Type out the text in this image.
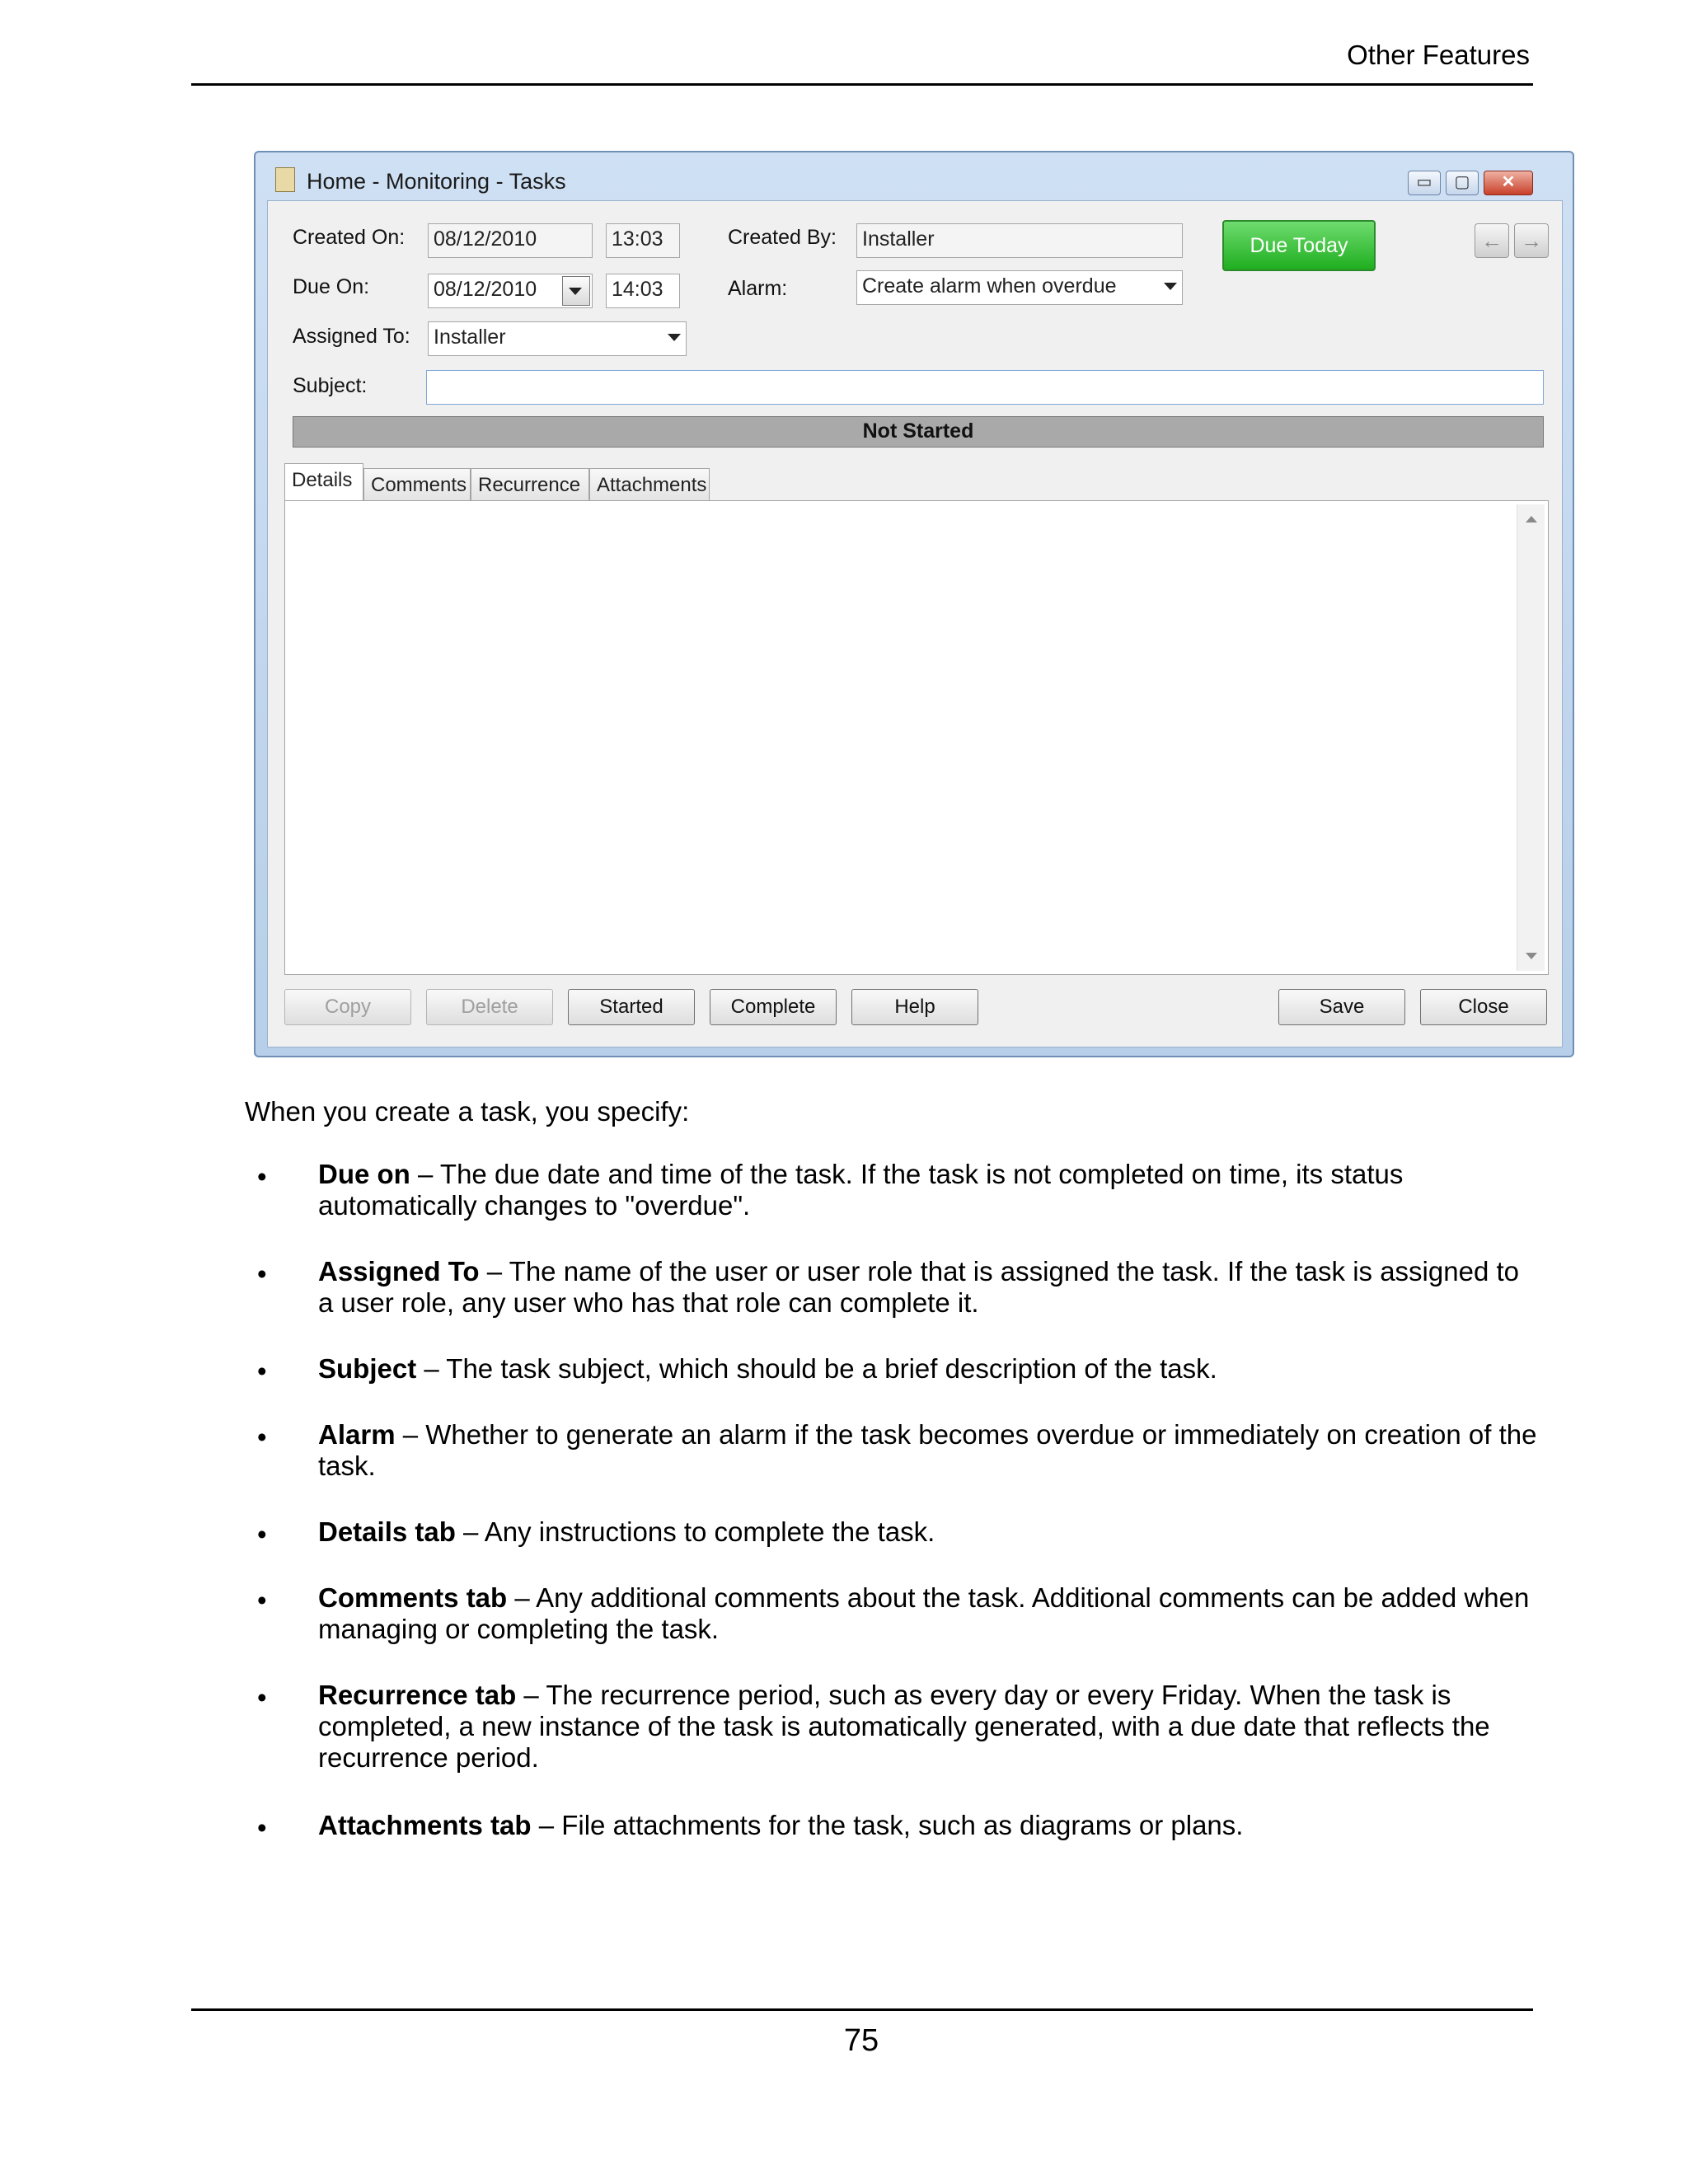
Other Features
Home - Monitoring - Tasks	▭	▢	✕
Created On: 08/12/2010	13:03	Created By: Installer	Due Today	← →
Due On:	08/12/2010	14:03	Alarm:	Create alarm when overdue
Assigned To: Installer
Subject:
Not Started
Details Comments Recurrence Attachments
Copy	Delete	Started	Complete	Help	Save	Close
When you create a task, you specify:
• Due on – The due date and time of the task. If the task is not completed on time, its status automatically changes to "overdue".
• Assigned To – The name of the user or user role that is assigned the task. If the task is assigned to a user role, any user who has that role can complete it.
• Subject – The task subject, which should be a brief description of the task.
• Alarm – Whether to generate an alarm if the task becomes overdue or immediately on creation of the task.
• Details tab – Any instructions to complete the task.
• Comments tab – Any additional comments about the task. Additional comments can be added when managing or completing the task.
• Recurrence tab – The recurrence period, such as every day or every Friday. When the task is completed, a new instance of the task is automatically generated, with a due date that reflects the recurrence period.
• Attachments tab – File attachments for the task, such as diagrams or plans.
75
